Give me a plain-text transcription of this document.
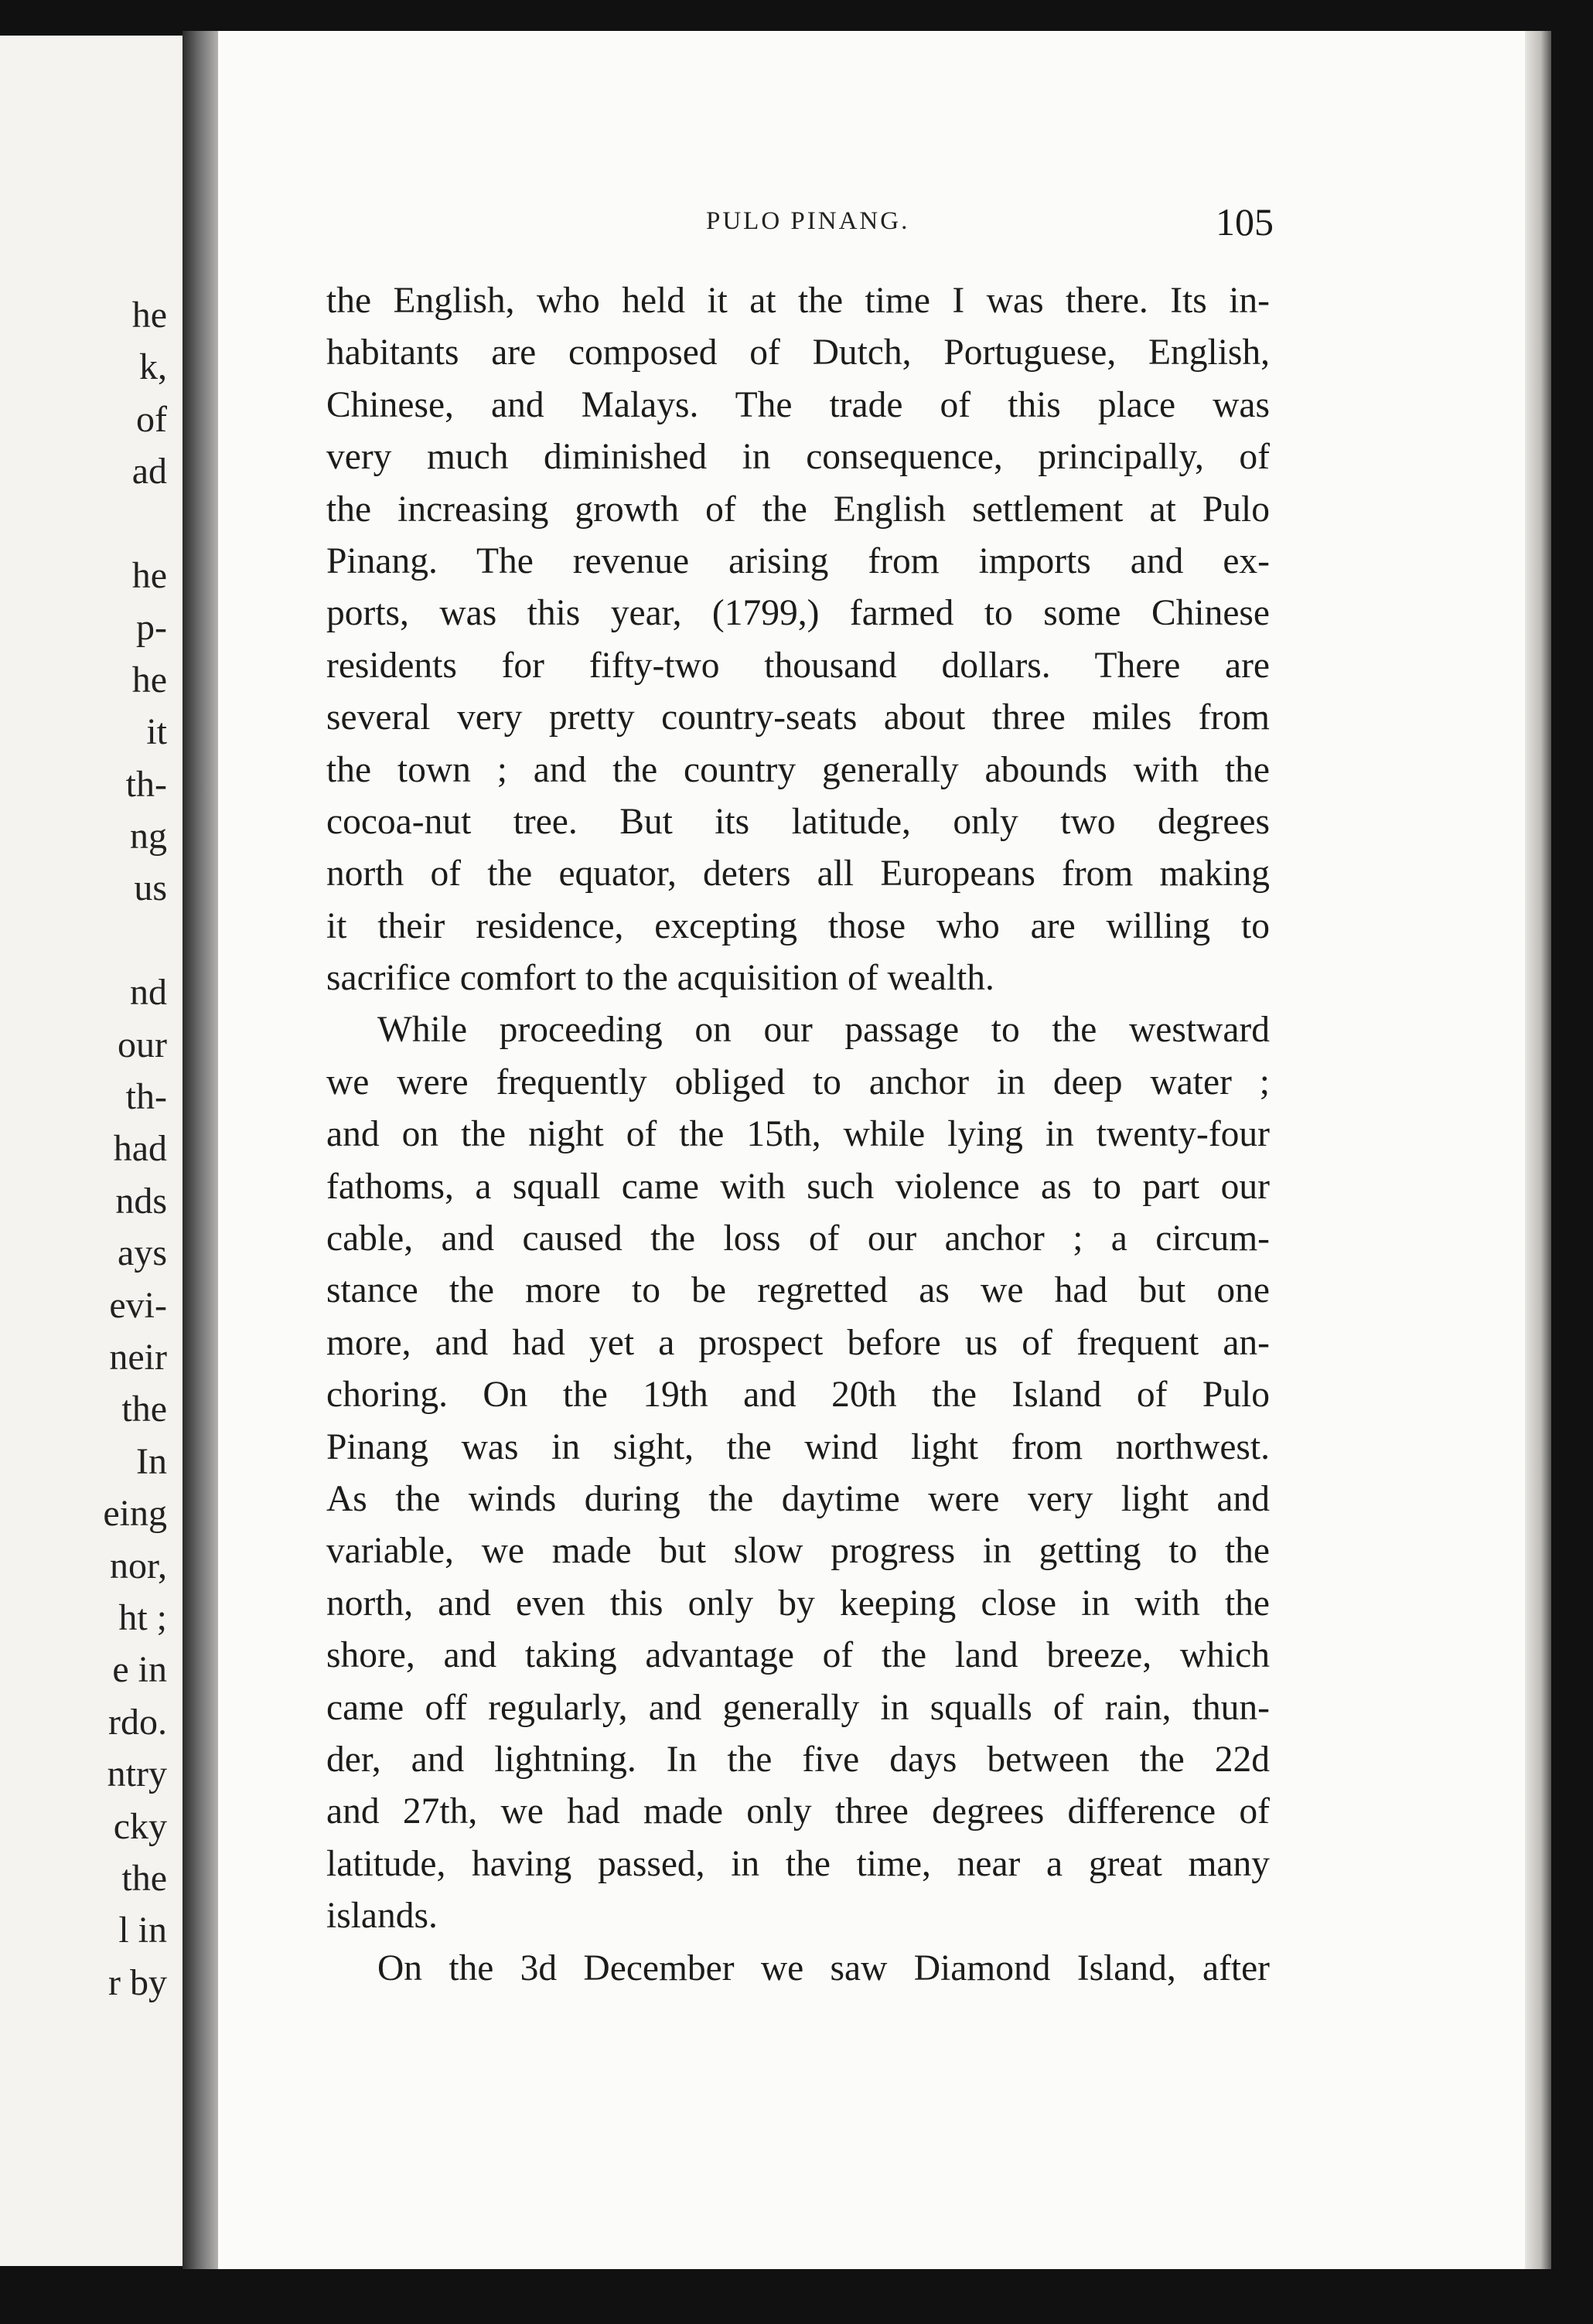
he
k,
of
ad
he
p-
he
it
th-
ng
us
nd
our
th-
had
nds
ays
evi-
neir
the
In
eing
nor,
ht ;
e in
rdo.
ntry
cky
the
l in
r by
PULO PINANG.	105
the English, who held it at the time I was there. Its in-
habitants are composed of Dutch, Portuguese, English,
Chinese, and Malays. The trade of this place was
very much diminished in consequence, principally, of
the increasing growth of the English settlement at Pulo
Pinang. The revenue arising from imports and ex-
ports, was this year, (1799,) farmed to some Chinese
residents for fifty-two thousand dollars. There are
several very pretty country-seats about three miles from
the town ; and the country generally abounds with the
cocoa-nut tree. But its latitude, only two degrees
north of the equator, deters all Europeans from making
it their residence, excepting those who are willing to
sacrifice comfort to the acquisition of wealth.
While proceeding on our passage to the westward
we were frequently obliged to anchor in deep water ;
and on the night of the 15th, while lying in twenty-four
fathoms, a squall came with such violence as to part our
cable, and caused the loss of our anchor ; a circum-
stance the more to be regretted as we had but one
more, and had yet a prospect before us of frequent an-
choring. On the 19th and 20th the Island of Pulo
Pinang was in sight, the wind light from northwest.
As the winds during the daytime were very light and
variable, we made but slow progress in getting to the
north, and even this only by keeping close in with the
shore, and taking advantage of the land breeze, which
came off regularly, and generally in squalls of rain, thun-
der, and lightning. In the five days between the 22d
and 27th, we had made only three degrees difference of
latitude, having passed, in the time, near a great many
islands.
On the 3d December we saw Diamond Island, after
